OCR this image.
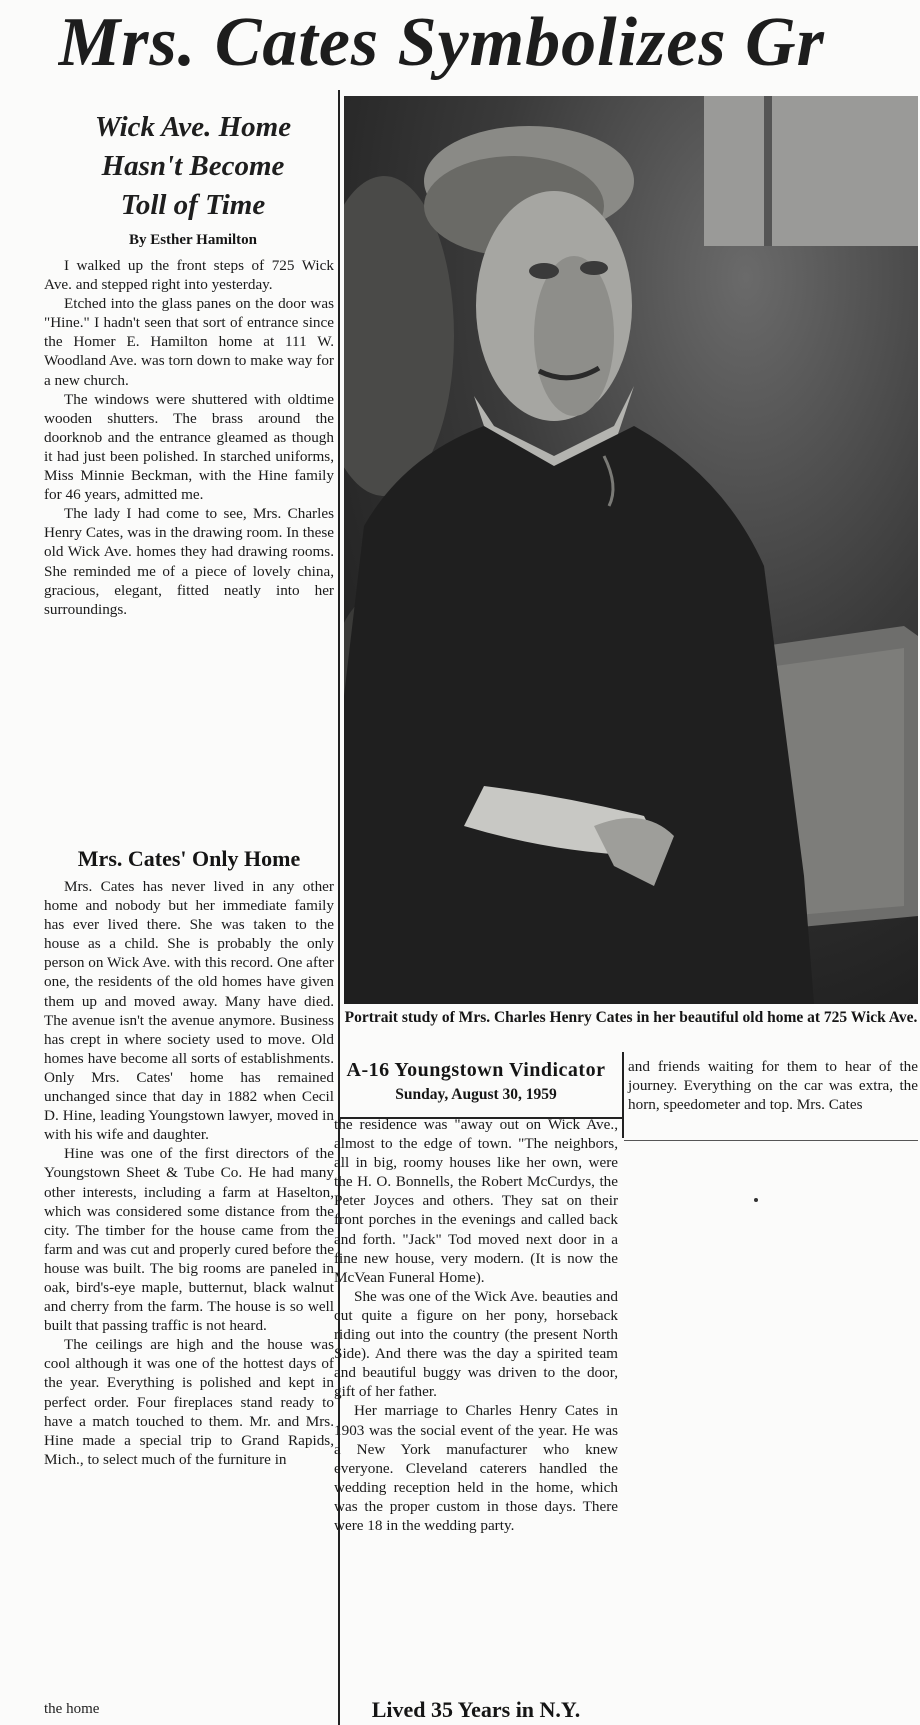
Mrs. Cates Symbolizes Gr
Wick Ave. Home
Hasn't Become
Toll of Time
By Esther Hamilton

I walked up the front steps of 725 Wick Ave. and stepped right into yesterday.

Etched into the glass panes on the door was "Hine." I hadn't seen that sort of entrance since the Homer E. Hamilton home at 111 W. Woodland Ave. was torn down to make way for a new church.

The windows were shuttered with oldtime wooden shutters. The brass around the doorknob and the entrance gleamed as though it had just been polished. In starched uniforms, Miss Minnie Beckman, with the Hine family for 46 years, admitted me.

The lady I had come to see, Mrs. Charles Henry Cates, was in the drawing room. In these old Wick Ave. homes they had drawing rooms. She reminded me of a piece of lovely china, gracious, elegant, fitted neatly into her surroundings.

Mrs. Cates' Only Home

Mrs. Cates has never lived in any other home and nobody but her immediate family has ever lived there. She was taken to the house as a child. She is probably the only person on Wick Ave. with this record. One after one, the residents of the old homes have given them up and moved away. Many have died. The avenue isn't the avenue anymore. Business has crept in where society used to move. Old homes have become all sorts of establishments. Only Mrs. Cates' home has remained unchanged since that day in 1882 when Cecil D. Hine, leading Youngstown lawyer, moved in with his wife and daughter.

Hine was one of the first directors of the Youngstown Sheet & Tube Co. He had many other interests, including a farm at Haselton, which was considered some distance from the city. The timber for the house came from the farm and was cut and properly cured before the house was built. The big rooms are paneled in oak, bird's-eye maple, butternut, black walnut and cherry from the farm. The house is so well built that passing traffic is not heard.

The ceilings are high and the house was cool although it was one of the hottest days of the year. Everything is polished and kept in perfect order. Four fireplaces stand ready to have a match touched to them. Mr. and Mrs. Hine made a special trip to Grand Rapids, Mich., to select much of the furniture in

the home
Portrait study of Mrs. Charles Henry Cates in her beautiful old home at 725 Wick Ave.
A-16 Youngstown Vindicator
Sunday, August 30, 1959

the residence was "away out on Wick Ave., almost to the edge of town. "The neighbors, all in big, roomy houses like her own, were the H. O. Bonnells, the Robert McCurdys, the Peter Joyces and others. They sat on their front porches in the evenings and called back and forth. "Jack" Tod moved next door in a fine new house, very modern. (It is now the McVean Funeral Home).

She was one of the Wick Ave. beauties and cut quite a figure on her pony, horseback riding out into the country (the present North Side). And there was the day a spirited team and beautiful buggy was driven to the door, gift of her father.

Her marriage to Charles Henry Cates in 1903 was the social event of the year. He was a New York manufacturer who knew everyone. Cleveland caterers handled the wedding reception held in the home, which was the proper custom in those days. There were 18 in the wedding party.

Lived 35 Years in N.Y.

and friends waiting for them to hear of the journey. Everything on the car was extra, the horn, speedometer and top. Mrs. Cates
